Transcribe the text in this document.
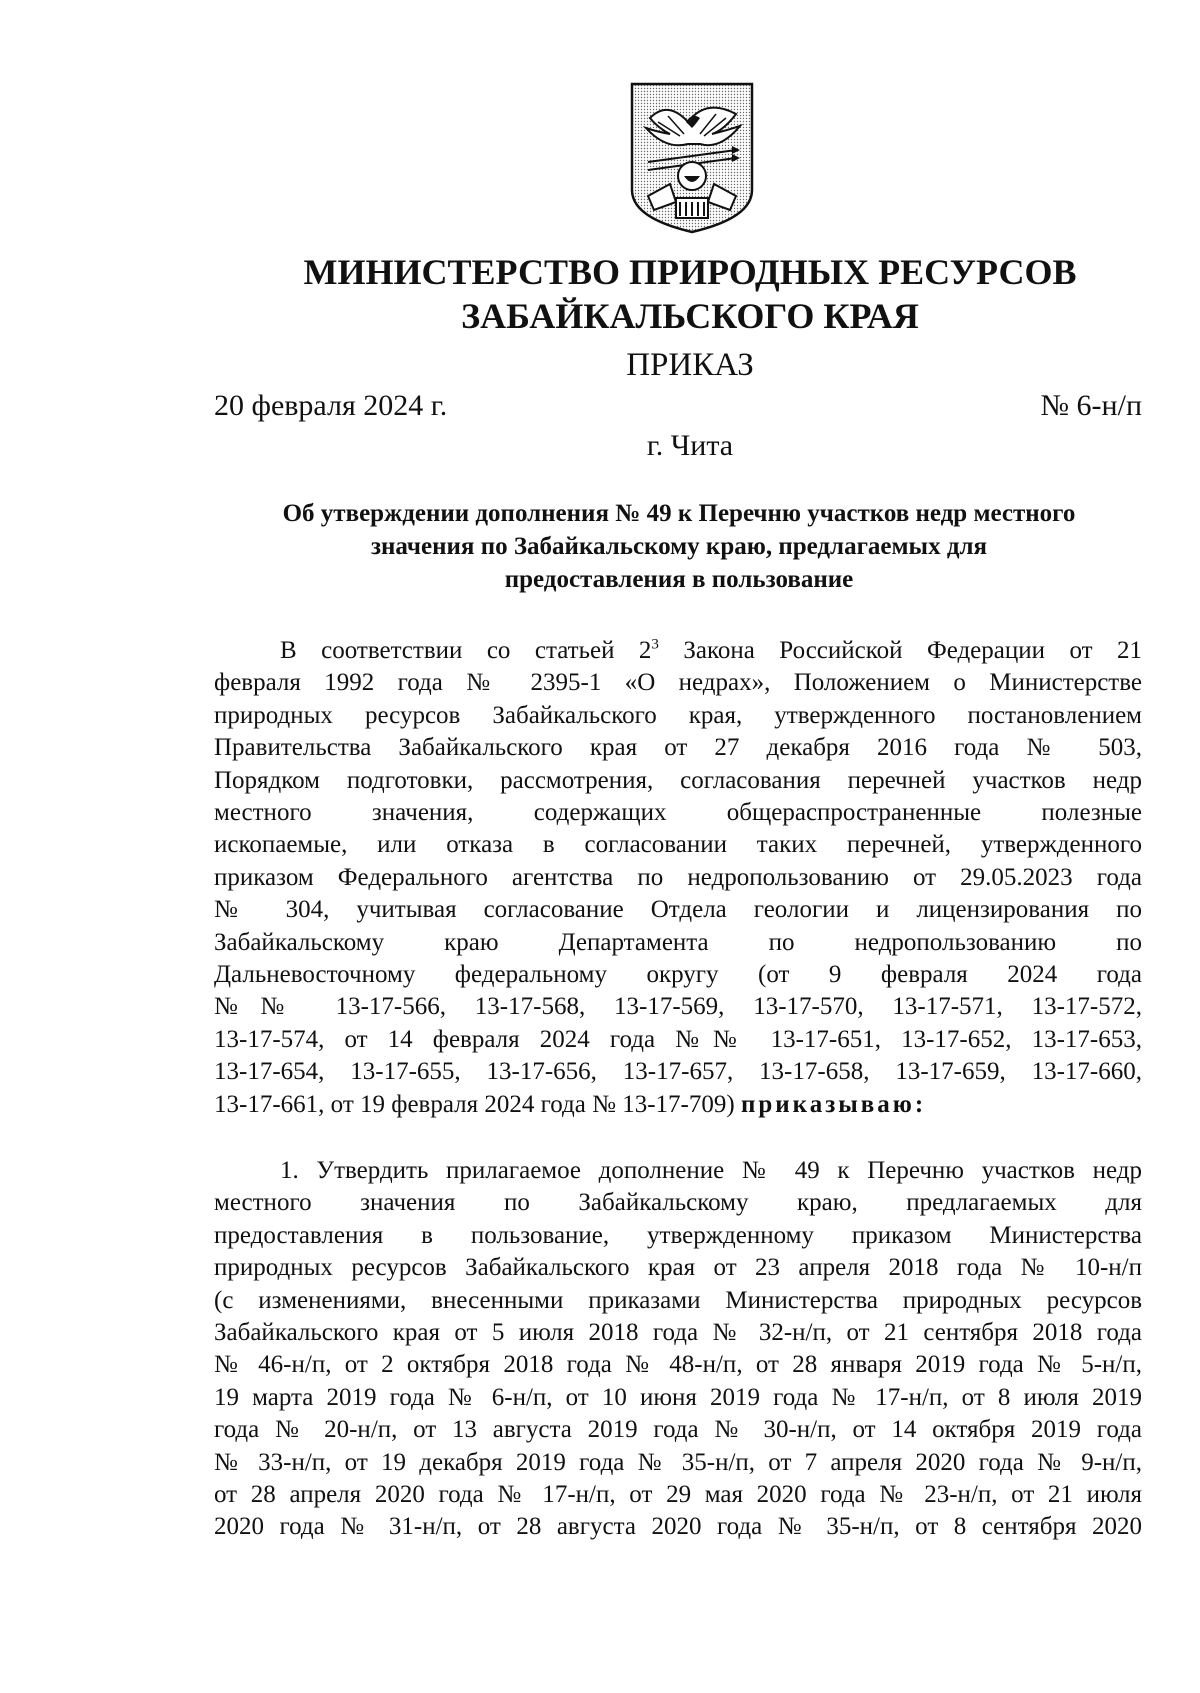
МИНИСТЕРСТВО ПРИРОДНЫХ РЕСУРСОВ
ЗАБАЙКАЛЬСКОГО КРАЯ
ПРИКАЗ
20 февраля 2024 г.	№ 6-н/п
г. Чита
Об утверждении дополнения № 49 к Перечню участков недр местного
значения по Забайкальскому краю, предлагаемых для
предоставления в пользование
В соответствии со статьей $2^3$ Закона Российской Федерации от 21
февраля 1992 года № 2395-1 «О недрах», Положением о Министерстве
природных ресурсов Забайкальского края, утвержденного постановлением
Правительства Забайкальского края от 27 декабря 2016 года № 503,
Порядком подготовки, рассмотрения, согласования перечней участков недр
местного значения, содержащих общераспространенные полезные
ископаемые, или отказа в согласовании таких перечней, утвержденного
приказом Федерального агентства по недропользованию от 29.05.2023 года
№ 304, учитывая согласование Отдела геологии и лицензирования по
Забайкальскому краю Департамента по недропользованию по
Дальневосточному федеральному округу (от 9 февраля 2024 года
№№ 13-17-566, 13-17-568, 13-17-569, 13-17-570, 13-17-571, 13-17-572,
13-17-574, от 14 февраля 2024 года №№ 13-17-651, 13-17-652, 13-17-653,
13-17-654, 13-17-655, 13-17-656, 13-17-657, 13-17-658, 13-17-659, 13-17-660,
13-17-661, от 19 февраля 2024 года № 13-17-709) приказываю:
1. Утвердить прилагаемое дополнение № 49 к Перечню участков недр
местного значения по Забайкальскому краю, предлагаемых для
предоставления в пользование, утвержденному приказом Министерства
природных ресурсов Забайкальского края от 23 апреля 2018 года № 10-н/п
(с изменениями, внесенными приказами Министерства природных ресурсов
Забайкальского края от 5 июля 2018 года № 32-н/п, от 21 сентября 2018 года
№ 46-н/п, от 2 октября 2018 года № 48-н/п, от 28 января 2019 года № 5-н/п,
19 марта 2019 года № 6-н/п, от 10 июня 2019 года № 17-н/п, от 8 июля 2019
года № 20-н/п, от 13 августа 2019 года № 30-н/п, от 14 октября 2019 года
№ 33-н/п, от 19 декабря 2019 года № 35-н/п, от 7 апреля 2020 года № 9-н/п,
от 28 апреля 2020 года № 17-н/п, от 29 мая 2020 года № 23-н/п, от 21 июля
2020 года № 31-н/п, от 28 августа 2020 года № 35-н/п, от 8 сентября 2020
